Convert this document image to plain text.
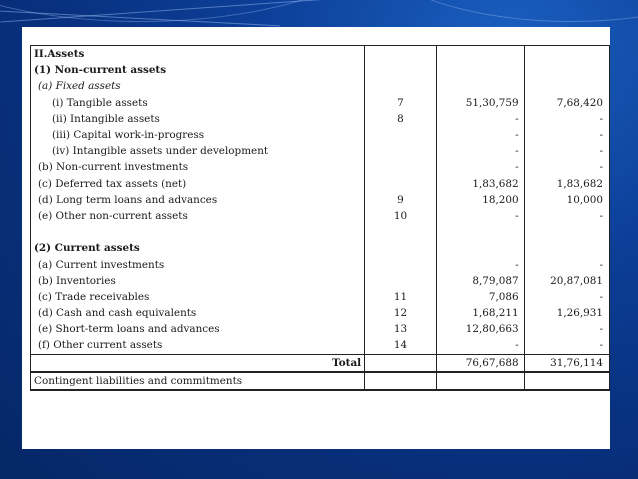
II.Assets			
(1) Non-current assets			
(a) Fixed assets			
(i) Tangible assets	7	51,30,759	7,68,420
(ii) Intangible assets	8	-	-
(iii) Capital work-in-progress		-	-
(iv) Intangible assets under development		-	-
(b) Non-current investments		-	-
(c) Deferred tax assets (net)		1,83,682	1,83,682
(d) Long term loans and advances	9	18,200	10,000
(e) Other non-current assets	10	-	-

(2) Current assets			
(a) Current investments		-	-
(b) Inventories		8,79,087	20,87,081
(c) Trade receivables	11	7,086	-
(d) Cash and cash equivalents	12	1,68,211	1,26,931
(e) Short-term loans and advances	13	12,80,663	-
(f) Other current assets	14	-	-
Total		76,67,688	31,76,114
Contingent liabilities and commitments			
